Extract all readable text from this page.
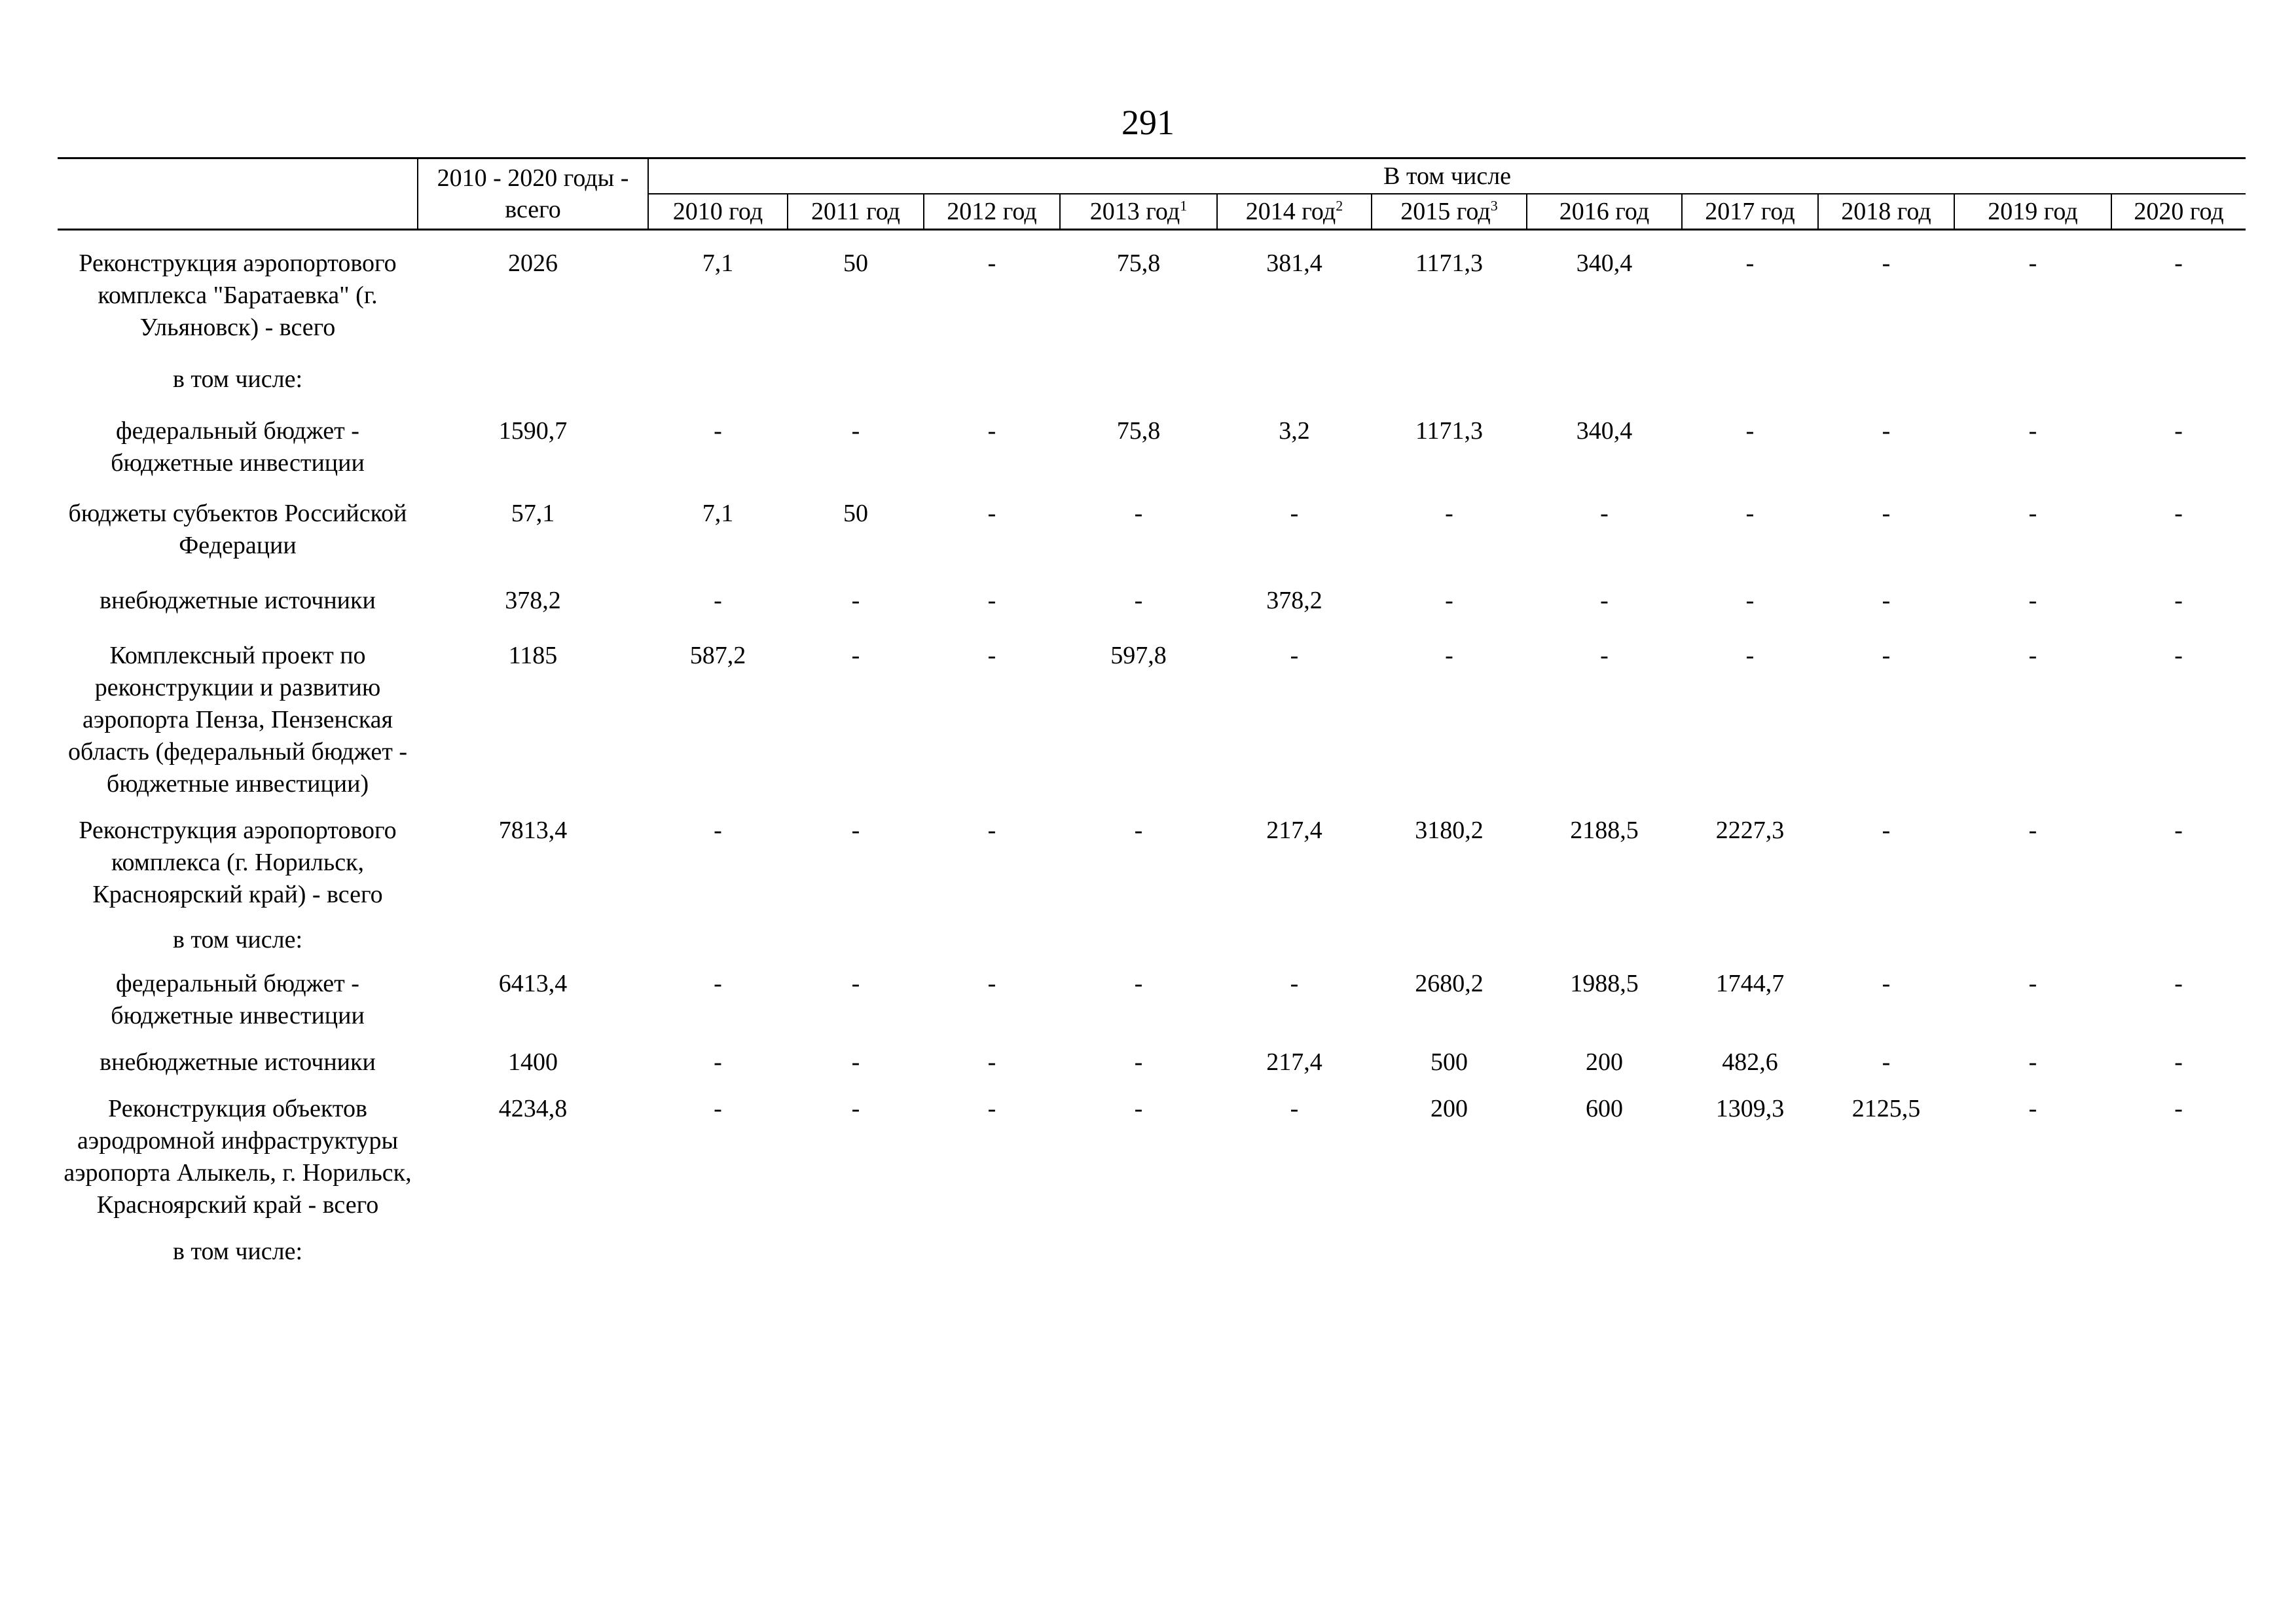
291
	2010 - 2020 годы - всего	В том числе										
		2010 год	2011 год	2012 год	2013 год$^1$	2014 год$^2$	2015 год$^3$	2016 год	2017 год	2018 год	2019 год	2020 год

Реконструкция аэропортового комплекса "Баратаевка" (г. Ульяновск) - всего	2026	7,1	50	-	75,8	381,4	1171,3	340,4	-	-	-	-
в том числе:												
федеральный бюджет - бюджетные инвестиции	1590,7	-	-	-	75,8	3,2	1171,3	340,4	-	-	-	-
бюджеты субъектов Российской Федерации	57,1	7,1	50	-	-	-	-	-	-	-	-	-
внебюджетные источники	378,2	-	-	-	-	378,2	-	-	-	-	-	-
Комплексный проект по реконструкции и развитию аэропорта Пенза, Пензенская область (федеральный бюджет - бюджетные инвестиции)	1185	587,2	-	-	597,8	-	-	-	-	-	-	-
Реконструкция аэропортового комплекса (г. Норильск, Красноярский край) - всего	7813,4	-	-	-	-	217,4	3180,2	2188,5	2227,3	-	-	-
в том числе:												
федеральный бюджет - бюджетные инвестиции	6413,4	-	-	-	-	-	2680,2	1988,5	1744,7	-	-	-
внебюджетные источники	1400	-	-	-	-	217,4	500	200	482,6	-	-	-
Реконструкция объектов аэродромной инфраструктуры аэропорта Алыкель, г. Норильск, Красноярский край - всего	4234,8	-	-	-	-	-	200	600	1309,3	2125,5	-	-
в том числе:												
